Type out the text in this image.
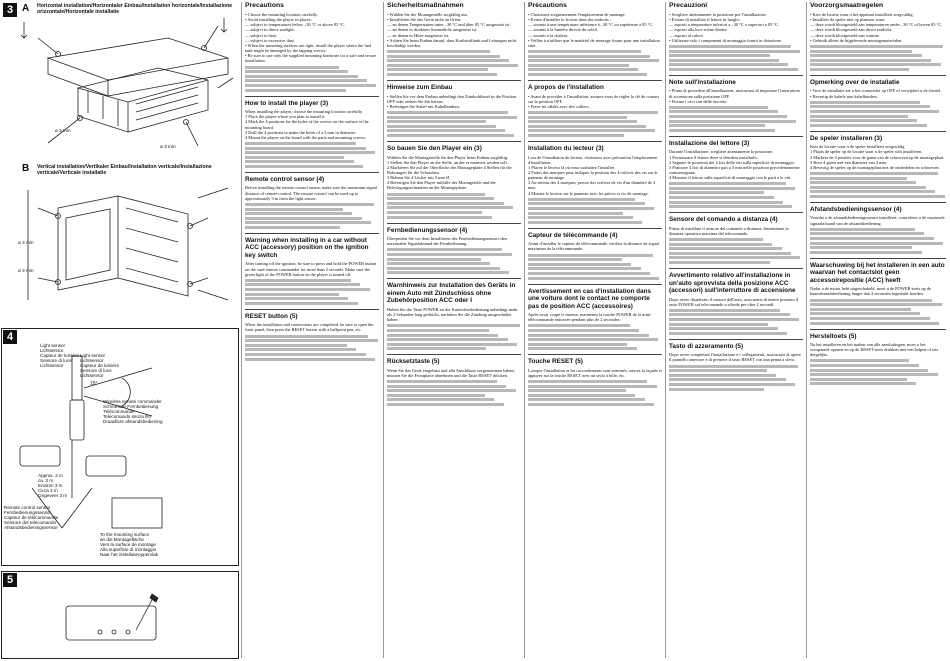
3 A Horizontal installation/Horizontaler Einbau/Installation horizontale/Installazione orizzontale/Horizontale installatie
ø 3 mm
ø 3 mm
B Vertical installation/Vertikaler Einbau/Installation verticale/Installazione verticale/Verticale installatie
ø 3 mm
ø 3 mm
4
Light sensor
Lichtsensor
Capteur de lumière
Sensore di luce
Lichtsensor
Light sensor
Lichtsensor
Capteur de lumière
Sensore di luce
Lichtsensor
15°
Wireless remote commander
Schnurlose Fernbedienung
Télécommande
Telecomando senza filo
Draadloze afstandsbediening
Approx. 3 m
ca. 3 m
Environ 3 m
Circa 3 m
Ongeveer 3 m
Remote control sensor
Fernbedienungssensor
Capteur de télécommande
Sensore del telecomando
Afstandsbedieningssensor
To the mounting surface
an die Montagefläche
Vers la surface de montage
Alla superficie di montaggio
Naar het installatieoppervlak
5
Precautions
• Choose the mounting location carefully.
• Avoid installing the player in places:
— subject to temperatures below –30 °C or above 85 °C.
— subject to direct sunlight.
— subject to heat.
— subject to excessive dust.
• When the mounting surfaces are tight, install the player where the fuel tank might be damaged by the tapping screws.
• Be sure to use only the supplied mounting hardware for a safe and secure installation.
How to install the player (3)
When installing the player, choose the mounting location carefully.
1 Place the player where you plan to install it.
2 Mark the 4 positions for the holes of the screws on the surface of the mounting board.
3 Drill the 4 positions to make the holes of a 3 mm in diameter.
4 Mount the player on the board with the parts and mounting screws.
Remote control sensor (4)
Before installing the remote control sensor, make sure the maximum signal distance of remote control. The remote control can be used up to approximately 3 m from the light sensor.
Warning when installing in a car without ACC (accessory) position on the ignition key switch
After turning off the ignition, be sure to press and hold the POWER button on the card remote commander for more than 2 seconds. Make sure the green light of the POWER button on the player is turned off.
RESET button (5)
When the installation and connections are completed, be sure to open the front panel, then press the RESET button with a ballpoint pen, etc.
Sicherheitsmaßnahmen
• Wählen Sie die Montagestelle sorgfältig aus.
• Installieren Sie das Gerät nicht an Orten:
— an denen Temperaturen unter –30 °C und über 85 °C ausgesetzt ist.
— an denen es direktem Sonnenlicht ausgesetzt ist.
— an denen es Hitze ausgesetzt ist.
• Achten Sie beim Einbau darauf, dass Kraftstofftank und Leitungen nicht beschädigt werden.
Hinweise zum Einbau
• Stellen Sie vor dem Einbau unbedingt den Zündschlüssel in die Position OFF oder ziehen Sie ihn heraus.
• Befestigen Sie Kabel mit Kabelbindern.
So bauen Sie den Player ein (3)
Wählen Sie die Montagestelle für den Player beim Einbau sorgfältig.
1 Stellen Sie den Player an die Stelle, an der er montiert werden soll.
2 Markieren Sie auf der Oberfläche der Montageplatte 4 Stellen für die Bohrungen für die Schrauben.
3 Bohren Sie 4 Löcher mit 3 mm Ø.
4 Befestigen Sie den Player mithilfe der Montageteile und der Befestigungsschrauben an der Montageplatte.
Fernbedienungssensor (4)
Überprüfen Sie vor dem Installieren des Fernbedienungssensors den maximalen Signalabstand der Fernbedienung.
Warnhinweis zur Installation des Geräts in einem Auto mit Zündschloss ohne Zubehörposition ACC oder I
Halten Sie die Taste POWER an der Kartenfernbedienung unbedingt mehr als 2 Sekunden lang gedrückt, nachdem Sie die Zündung ausgeschaltet haben.
Rücksetztaste (5)
Wenn Sie das Gerät eingebaut und alle Anschlüsse vorgenommen haben, müssen Sie die Frontplatte abnehmen und die Taste RESET drücken.
Précautions
• Choisissez soigneusement l'emplacement de montage.
• Evitez d'installer le lecteur dans des endroits :
— soumis à une température inférieure à –30 °C ou supérieure à 85 °C.
— soumis à la lumière directe du soleil.
— soumis à la chaleur.
• Veillez à n'utiliser que le matériel de montage fourni pour une installation sûre.
A propos de l'installation
• Avant de procéder à l'installation, assurez-vous de régler la clé de contact sur la position OFF.
• Fixez les câbles avec des colliers.
Installation du lecteur (3)
Lors de l'installation du lecteur, choisissez avec précaution l'emplacement d'installation.
1 Placez le lecteur là où vous souhaitez l'installer.
2 Faites des marques pour indiquer la position des 4 orifices des vis sur le panneau de montage.
3 Au niveau des 4 marques, percez des orifices de vis d'un diamètre de 3 mm.
4 Montez le lecteur sur le panneau avec les pièces et vis de montage.
Capteur de télécommande (4)
Avant d'installer le capteur de télécommande, vérifiez la distance de signal maximum de la télécommande.
Avertissement en cas d'installation dans une voiture dont le contact ne comporte pas de position ACC (accessoires)
Après avoir coupé le moteur, maintenez la touche POWER de la mini-télécommande enfoncée pendant plus de 2 secondes.
Touche RESET (5)
Lorsque l'installation et les raccordements sont terminés, ouvrez la façade et appuyez sur la touche RESET avec un stylo à bille, etc.
Precauzioni
• Scegliere attentamente la posizione per l'installazione.
• Evitare di installare il lettore in luoghi:
— esposti a temperature inferiori a –30 °C o superiori a 85 °C.
— esposti alla luce solare diretta.
— esposti al calore.
• Utilizzare solo i componenti di montaggio forniti in dotazione.
Note sull'installazione
• Prima di procedere all'installazione, assicurarsi di impostare l'interruttore di accensione sulla posizione OFF.
• Fissare i cavi con delle fascette.
Installazione del lettore (3)
Durante l'installazione, scegliere attentamente la posizione.
1 Posizionare il lettore dove si desidera installarlo.
2 Segnare le posizioni dei 4 fori delle viti sulla superficie di montaggio.
3 Praticare 4 fori di diametro pari a 3 mm nelle posizioni precedentemente contrassegnate.
4 Montare il lettore sulla superficie di montaggio con le parti e le viti.
Sensore del comando a distanza (4)
Prima di installare il sensore del comando a distanza, determinare la distanza operativa massima del telecomando.
Avvertimento relativo all'installazione in un'auto sprovvista della posizione ACC (accessori) sull'interruttore di accensione
Dopo avere disattivato il motore dell'auto, assicurarsi di tenere premuto il tasto POWER sul telecomando a schede per oltre 2 secondi.
Tasto di azzeramento (5)
Dopo avere completato l'installazione e i collegamenti, assicurarsi di aprire il pannello anteriore e di premere il tasto RESET con una penna a sfera.
Voorzorgsmaatregelen
• Kies de locatie waar u het apparaat installeert zorgvuldig.
• Installeer de speler niet op plaatsen waar:
— deze wordt blootgesteld aan temperaturen onder –30 °C of boven 85 °C.
— deze wordt blootgesteld aan direct zonlicht.
— deze wordt blootgesteld aan warmte.
• Gebruik alleen de bijgeleverde montagematerialen.
Opmerking over de installatie
• Voor de installatie zet u het contactslot op OFF of verwijdert u de sleutel.
• Bevestig de kabels met kabelbinders.
De speler installeren (3)
Kies de locatie waar u de speler installeert zorgvuldig.
1 Plaats de speler op de locatie waar u de speler wilt installeren.
2 Markeer de 4 posities voor de gaten van de schroeven op de montageplaat.
3 Boor 4 gaten met een diameter van 3 mm.
4 Bevestig de speler op de montageplaat met de onderdelen en schroeven.
Afstandsbedieningssensor (4)
Voordat u de afstandsbedieningssensor installeert, controleert u de maximale signaalafstand van de afstandsbediening.
Waarschuwing bij het installeren in een auto waarvan het contactslot geen accessoirepositie (ACC) heeft
Nadat u de motor hebt uitgeschakeld, moet u de POWER-toets op de kaartafstandsbediening langer dan 2 seconden ingedrukt houden.
Hersteltoets (5)
Na het installeren en het maken van alle aansluitingen, moet u het voorpaneel openen en op de RESET-toets drukken met een balpen of iets dergelijks.
